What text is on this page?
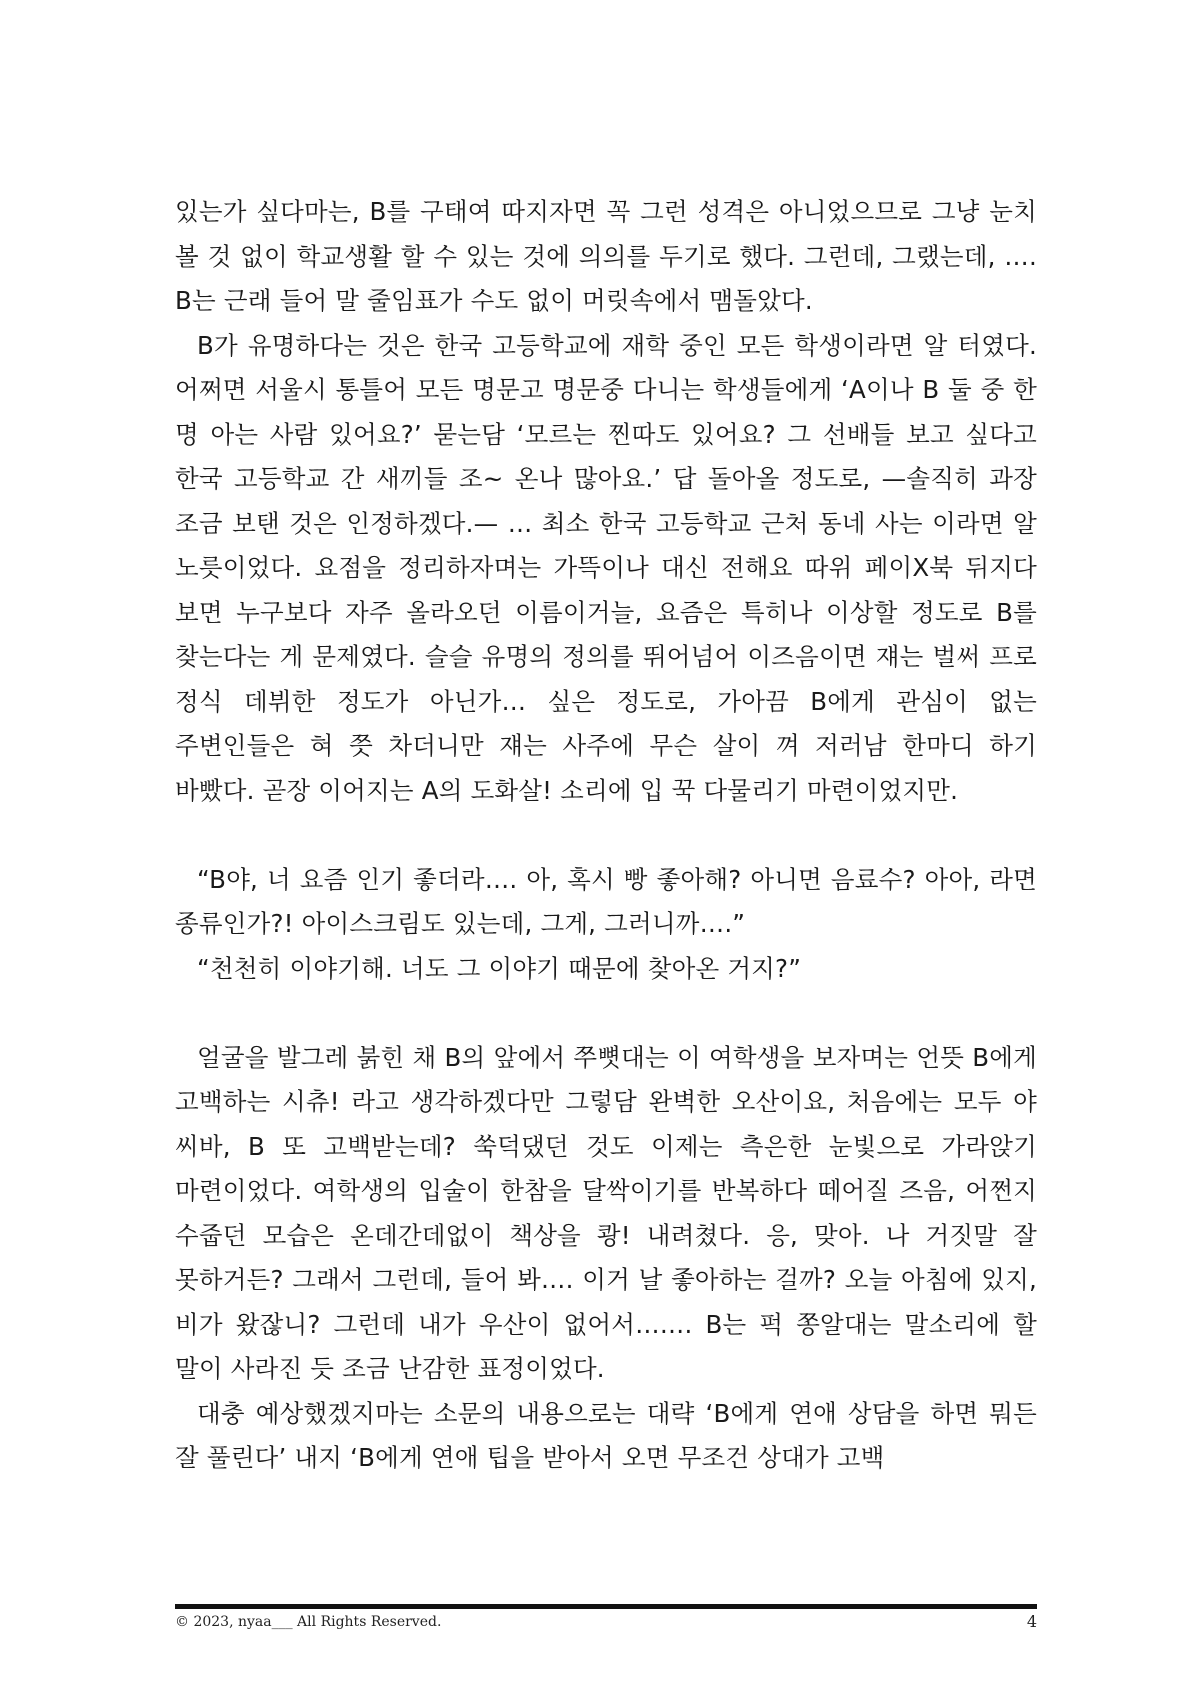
있는가 싶다마는, B를 구태여 따지자면 꼭 그런 성격은 아니었으므로 그냥 눈치 볼 것 없이 학교생활 할 수 있는 것에 의의를 두기로 했다. 그런데, 그랬는데, …. B는 근래 들어 말 줄임표가 수도 없이 머릿속에서 맴돌았다.

B가 유명하다는 것은 한국 고등학교에 재학 중인 모든 학생이라면 알 터였다. 어쩌면 서울시 통틀어 모든 명문고 명문중 다니는 학생들에게 ‘A이나 B 둘 중 한 명 아는 사람 있어요?’ 묻는담 ‘모르는 찐따도 있어요? 그 선배들 보고 싶다고 한국 고등학교 간 새끼들 조~ 온나 많아요.’ 답 돌아올 정도로, —솔직히 과장 조금 보탠 것은 인정하겠다.— … 최소 한국 고등학교 근처 동네 사는 이라면 알 노릇이었다. 요점을 정리하자며는 가뜩이나 대신 전해요 따위 페이X북 뒤지다 보면 누구보다 자주 올라오던 이름이거늘, 요즘은 특히나 이상할 정도로 B를 찾는다는 게 문제였다. 슬슬 유명의 정의를 뛰어넘어 이즈음이면 쟤는 벌써 프로 정식 데뷔한 정도가 아닌가… 싶은 정도로, 가아끔 B에게 관심이 없는 주변인들은 혀 쯧 차더니만 쟤는 사주에 무슨 살이 껴 저러남 한마디 하기 바빴다. 곧장 이어지는 A의 도화살! 소리에 입 꾹 다물리기 마련이었지만.

“B야, 너 요즘 인기 좋더라…. 아, 혹시 빵 좋아해? 아니면 음료수? 아아, 라면 종류인가?! 아이스크림도 있는데, 그게, 그러니까….”

“천천히 이야기해. 너도 그 이야기 때문에 찾아온 거지?”

얼굴을 발그레 붉힌 채 B의 앞에서 쭈뼛대는 이 여학생을 보자며는 언뜻 B에게 고백하는 시츄! 라고 생각하겠다만 그렇담 완벽한 오산이요, 처음에는 모두 야 씨바, B 또 고백받는데? 쑥덕댔던 것도 이제는 측은한 눈빛으로 가라앉기 마련이었다. 여학생의 입술이 한참을 달싹이기를 반복하다 떼어질 즈음, 어쩐지 수줍던 모습은 온데간데없이 책상을 쾅! 내려쳤다. 응, 맞아. 나 거짓말 잘 못하거든? 그래서 그런데, 들어 봐…. 이거 날 좋아하는 걸까? 오늘 아침에 있지, 비가 왔잖니? 그런데 내가 우산이 없어서……. B는 퍽 쫑알대는 말소리에 할 말이 사라진 듯 조금 난감한 표정이었다.

대충 예상했겠지마는 소문의 내용으로는 대략 ‘B에게 연애 상담을 하면 뭐든 잘 풀린다’ 내지 ‘B에게 연애 팁을 받아서 오면 무조건 상대가 고백

© 2023, nyaa___ All Rights Reserved.	4
